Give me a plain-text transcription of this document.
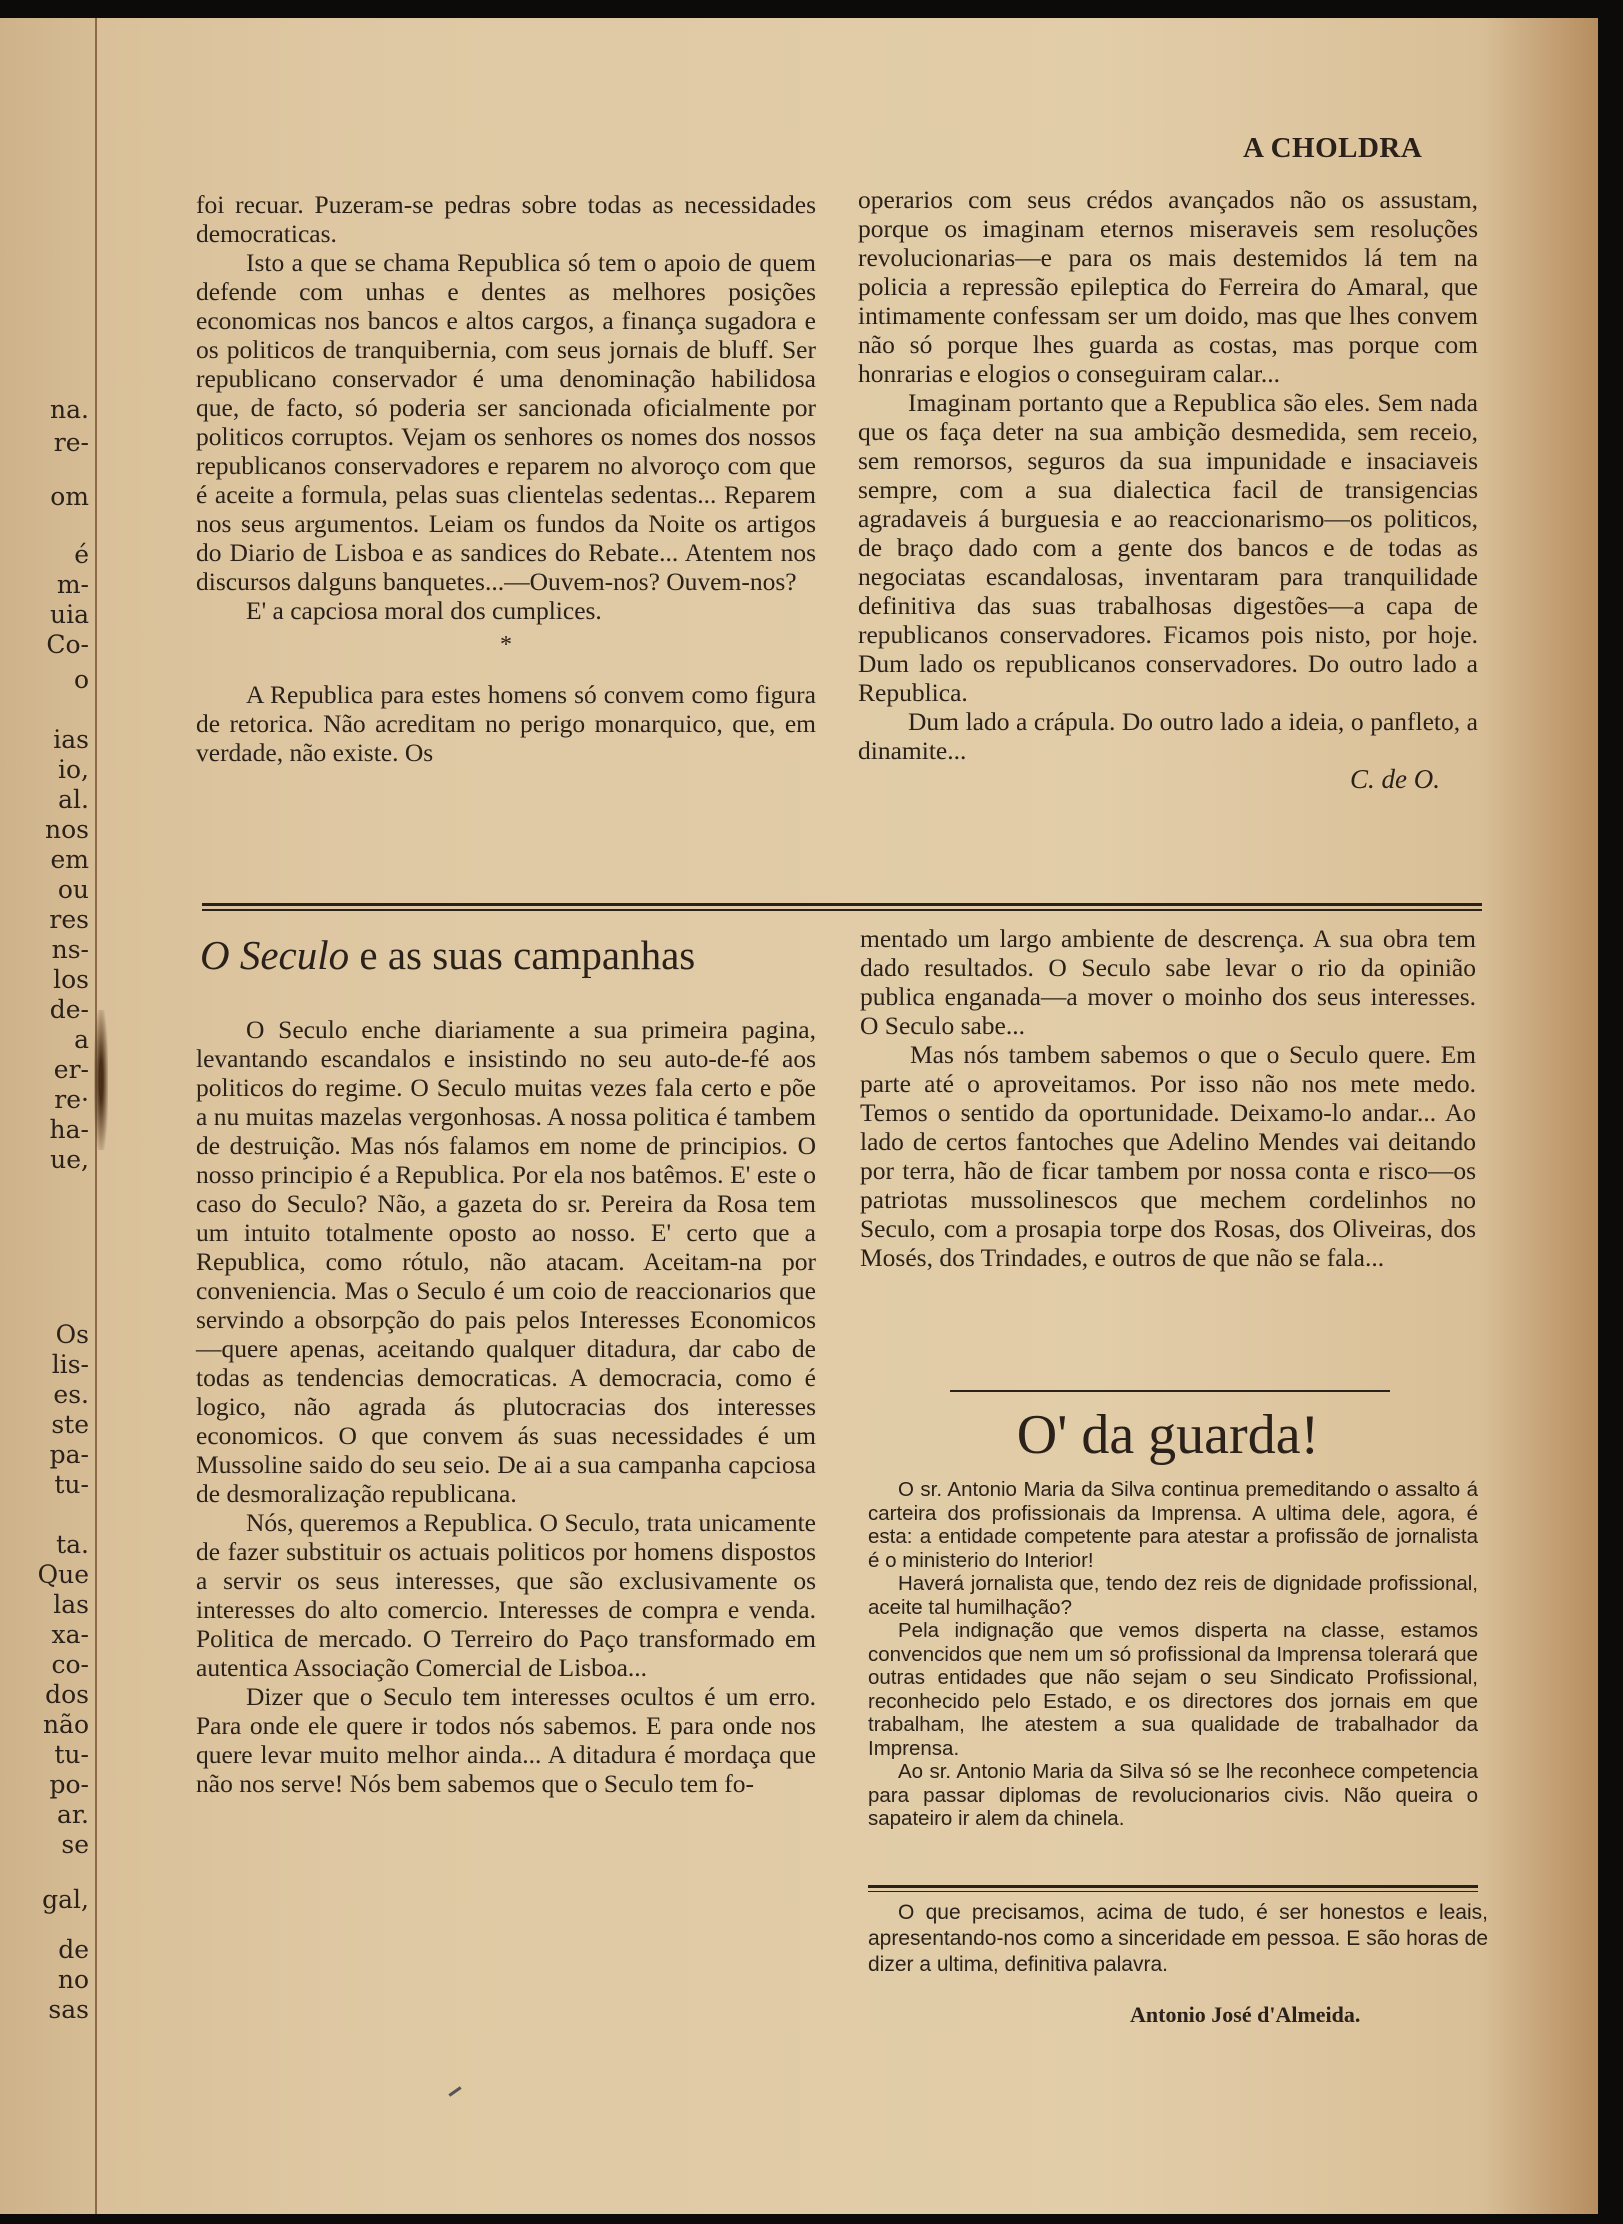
na.
re-
om
é
m-
uia
Co-
o
ias
io,
al.
nos
em
ou
res
ns-
los
de-
a
er-
re·
ha-
ue,
Os
lis-
es.
ste
pa-
tu-
ta.
Que
las
xa-
co-
dos
não
tu-
po-
ar.
se
gal,
de
no
sas
A CHOLDRA

foi recuar. Puzeram-se pedras sobre todas as necessidades democraticas.

Isto a que se chama Republica só tem o apoio de quem defende com unhas e dentes as melhores posições economicas nos bancos e altos cargos, a finança sugadora e os politicos de tranquibernia, com seus jornais de bluff. Ser republicano conservador é uma denominação habilidosa que, de facto, só poderia ser sancionada oficialmente por politicos corruptos. Vejam os senhores os nomes dos nossos republicanos conservadores e reparem no alvoroço com que é aceite a formula, pelas suas clientelas sedentas... Reparem nos seus argumentos. Leiam os fundos da Noite os artigos do Diario de Lisboa e as sandices do Rebate... Atentem nos discursos dalguns banquetes...—Ouvem-nos? Ouvem-nos?

E' a capciosa moral dos cumplices.

*

A Republica para estes homens só convem como figura de retorica. Não acreditam no perigo monarquico, que, em verdade, não existe. Os

operarios com seus crédos avançados não os assustam, porque os imaginam eternos miseraveis sem resoluções revolucionarias—e para os mais destemidos lá tem na policia a repressão epileptica do Ferreira do Amaral, que intimamente confessam ser um doido, mas que lhes convem não só porque lhes guarda as costas, mas porque com honrarias e elogios o conseguiram calar...

Imaginam portanto que a Republica são eles. Sem nada que os faça deter na sua ambição desmedida, sem receio, sem remorsos, seguros da sua impunidade e insaciaveis sempre, com a sua dialectica facil de transigencias agradaveis á burguesia e ao reaccionarismo—os politicos, de braço dado com a gente dos bancos e de todas as negociatas escandalosas, inventaram para tranquilidade definitiva das suas trabalhosas digestões—a capa de republicanos conservadores. Ficamos pois nisto, por hoje. Dum lado os republicanos conservadores. Do outro lado a Republica.

Dum lado a crápula. Do outro lado a ideia, o panfleto, a dinamite...

C. de O.
O Seculo e as suas campanhas

O Seculo enche diariamente a sua primeira pagina, levantando escandalos e insistindo no seu auto-de-fé aos politicos do regime. O Seculo muitas vezes fala certo e põe a nu muitas mazelas vergonhosas. A nossa politica é tambem de destruição. Mas nós falamos em nome de principios. O nosso principio é a Republica. Por ela nos batêmos. E' este o caso do Seculo? Não, a gazeta do sr. Pereira da Rosa tem um intuito totalmente oposto ao nosso. E' certo que a Republica, como rótulo, não atacam. Aceitam-na por conveniencia. Mas o Seculo é um coio de reaccionarios que servindo a obsorpção do pais pelos Interesses Economicos—quere apenas, aceitando qualquer ditadura, dar cabo de todas as tendencias democraticas. A democracia, como é logico, não agrada ás plutocracias dos interesses economicos. O que convem ás suas necessidades é um Mussoline saido do seu seio. De ai a sua campanha capciosa de desmoralização republicana.

Nós, queremos a Republica. O Seculo, trata unicamente de fazer substituir os actuais politicos por homens dispostos a servir os seus interesses, que são exclusivamente os interesses do alto comercio. Interesses de compra e venda. Politica de mercado. O Terreiro do Paço transformado em autentica Associação Comercial de Lisboa...

Dizer que o Seculo tem interesses ocultos é um erro. Para onde ele quere ir todos nós sabemos. E para onde nos quere levar muito melhor ainda... A ditadura é mordaça que não nos serve! Nós bem sabemos que o Seculo tem fo-

mentado um largo ambiente de descrença. A sua obra tem dado resultados. O Seculo sabe levar o rio da opinião publica enganada—a mover o moinho dos seus interesses. O Seculo sabe...

Mas nós tambem sabemos o que o Seculo quere. Em parte até o aproveitamos. Por isso não nos mete medo. Temos o sentido da oportunidade. Deixamo-lo andar... Ao lado de certos fantoches que Adelino Mendes vai deitando por terra, hão de ficar tambem por nossa conta e risco—os patriotas mussolinescos que mechem cordelinhos no Seculo, com a prosapia torpe dos Rosas, dos Oliveiras, dos Mosés, dos Trindades, e outros de que não se fala...

O' da guarda!

O sr. Antonio Maria da Silva continua premeditando o assalto á carteira dos profissionais da Imprensa. A ultima dele, agora, é esta: a entidade competente para atestar a profissão de jornalista é o ministerio do Interior!

Haverá jornalista que, tendo dez reis de dignidade profissional, aceite tal humilhação?

Pela indignação que vemos disperta na classe, estamos convencidos que nem um só profissional da Imprensa tolerará que outras entidades que não sejam o seu Sindicato Profissional, reconhecido pelo Estado, e os directores dos jornais em que trabalham, lhe atestem a sua qualidade de trabalhador da Imprensa.

Ao sr. Antonio Maria da Silva só se lhe reconhece competencia para passar diplomas de revolucionarios civis. Não queira o sapateiro ir alem da chinela.

O que precisamos, acima de tudo, é ser honestos e leais, apresentando-nos como a sinceridade em pessoa. E são horas de dizer a ultima, definitiva palavra.

Antonio José d'Almeida.
